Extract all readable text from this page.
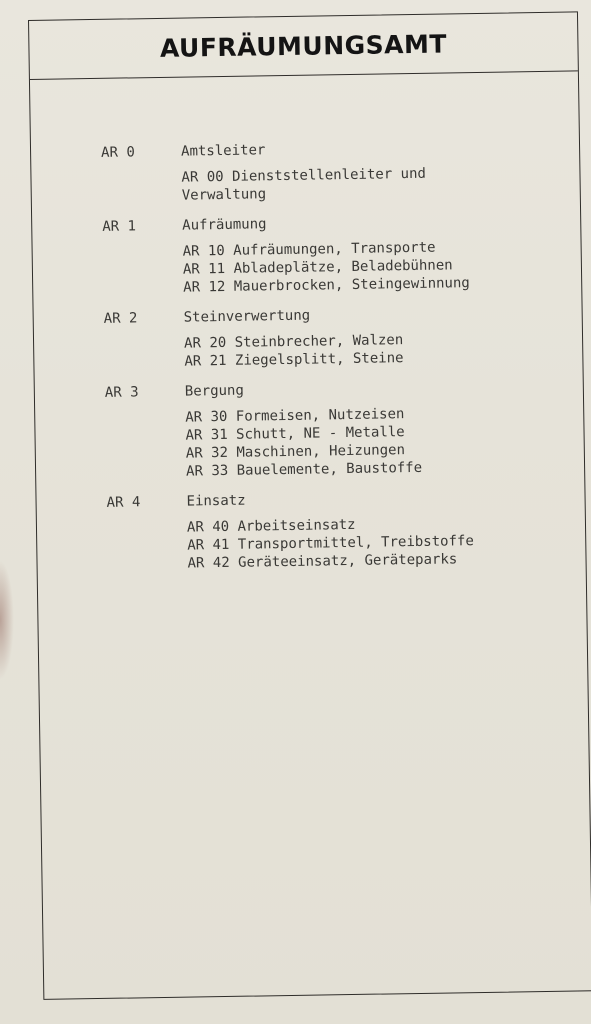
AUFRÄUMUNGSAMT
AR 0	Amtsleiter
AR 00 Dienststellenleiter und
Verwaltung
AR 1	Aufräumung
AR 10 Aufräumungen, Transporte
AR 11 Abladeplätze, Beladebühnen
AR 12 Mauerbrocken, Steingewinnung
AR 2	Steinverwertung
AR 20 Steinbrecher, Walzen
AR 21 Ziegelsplitt, Steine
AR 3	Bergung
AR 30 Formeisen, Nutzeisen
AR 31 Schutt, NE - Metalle
AR 32 Maschinen, Heizungen
AR 33 Bauelemente, Baustoffe
AR 4	Einsatz
AR 40 Arbeitseinsatz
AR 41 Transportmittel, Treibstoffe
AR 42 Geräteeinsatz, Geräteparks
